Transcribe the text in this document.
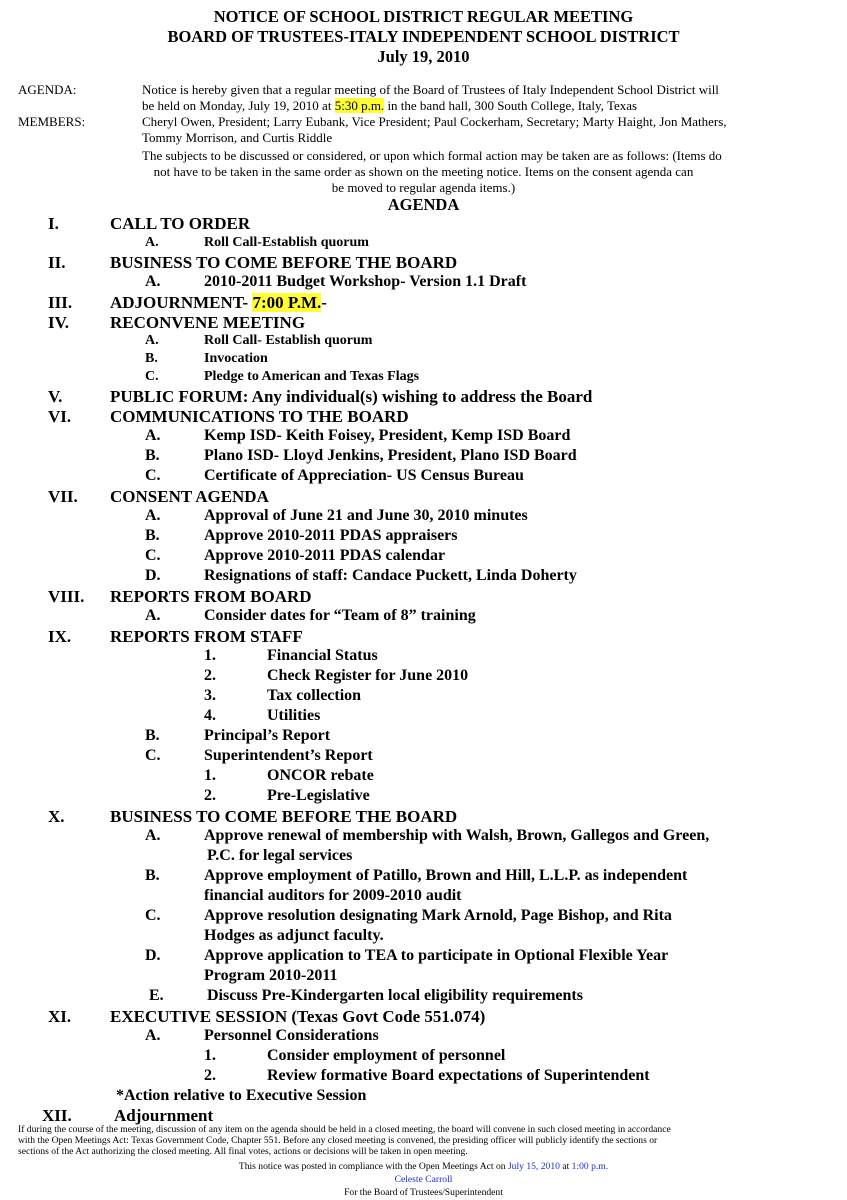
NOTICE OF SCHOOL DISTRICT REGULAR MEETING
BOARD OF TRUSTEES-ITALY INDEPENDENT SCHOOL DISTRICT
July 19, 2010
AGENDA:	Notice is hereby given that a regular meeting of the Board of Trustees of Italy Independent School District will
be held on Monday, July 19, 2010 at 5:30 p.m. in the band hall, 300 South College, Italy, Texas
MEMBERS:	Cheryl Owen, President; Larry Eubank, Vice President; Paul Cockerham, Secretary; Marty Haight, Jon Mathers,
Tommy Morrison, and Curtis Riddle
The subjects to be discussed or considered, or upon which formal action may be taken are as follows: (Items do
not have to be taken in the same order as shown on the meeting notice. Items on the consent agenda can
be moved to regular agenda items.)
AGENDA
I.	CALL TO ORDER
A.	Roll Call-Establish quorum
II.	BUSINESS TO COME BEFORE THE BOARD
A.	2010-2011 Budget Workshop- Version 1.1 Draft
III. ADJOURNMENT- 7:00 P.M.-
IV. RECONVENE MEETING
A.	Roll Call- Establish quorum
B.	Invocation
C.	Pledge to American and Texas Flags
V.	PUBLIC FORUM: Any individual(s) wishing to address the Board
VI. COMMUNICATIONS TO THE BOARD
A.	Kemp ISD- Keith Foisey, President, Kemp ISD Board
B.	Plano ISD- Lloyd Jenkins, President, Plano ISD Board
C.	Certificate of Appreciation- US Census Bureau
VII. CONSENT AGENDA
A.	Approval of June 21 and June 30, 2010 minutes
B.	Approve 2010-2011 PDAS appraisers
C.	Approve 2010-2011 PDAS calendar
D.	Resignations of staff: Candace Puckett, Linda Doherty
VIII. REPORTS FROM BOARD
A.	Consider dates for “Team of 8” training
IX. REPORTS FROM STAFF
1.	Financial Status
2.	Check Register for June 2010
3.	Tax collection
4.	Utilities
B.	Principal’s Report
C.	Superintendent’s Report
1.	ONCOR rebate
2.	Pre-Legislative
X.	BUSINESS TO COME BEFORE THE BOARD
A.	Approve renewal of membership with Walsh, Brown, Gallegos and Green,
P.C. for legal services
B.	Approve employment of Patillo, Brown and Hill, L.L.P. as independent
financial auditors for 2009-2010 audit
C.	Approve resolution designating Mark Arnold, Page Bishop, and Rita
Hodges as adjunct faculty.
D.	Approve application to TEA to participate in Optional Flexible Year
Program 2010-2011
E.	Discuss Pre-Kindergarten local eligibility requirements
XI. EXECUTIVE SESSION (Texas Govt Code 551.074)
A.	Personnel Considerations
1.	Consider employment of personnel
2.	Review formative Board expectations of Superintendent
*Action relative to Executive Session
XII. Adjournment
If during the course of the meeting, discussion of any item on the agenda should be held in a closed meeting, the board will convene in such closed meeting in accordance
with the Open Meetings Act: Texas Government Code, Chapter 551. Before any closed meeting is convened, the presiding officer will publicly identify the sections or
sections of the Act authorizing the closed meeting. All final votes, actions or decisions will be taken in open meeting.
This notice was posted in compliance with the Open Meetings Act on July 15, 2010 at 1:00 p.m.
Celeste Carroll
For the Board of Trustees/Superintendent
